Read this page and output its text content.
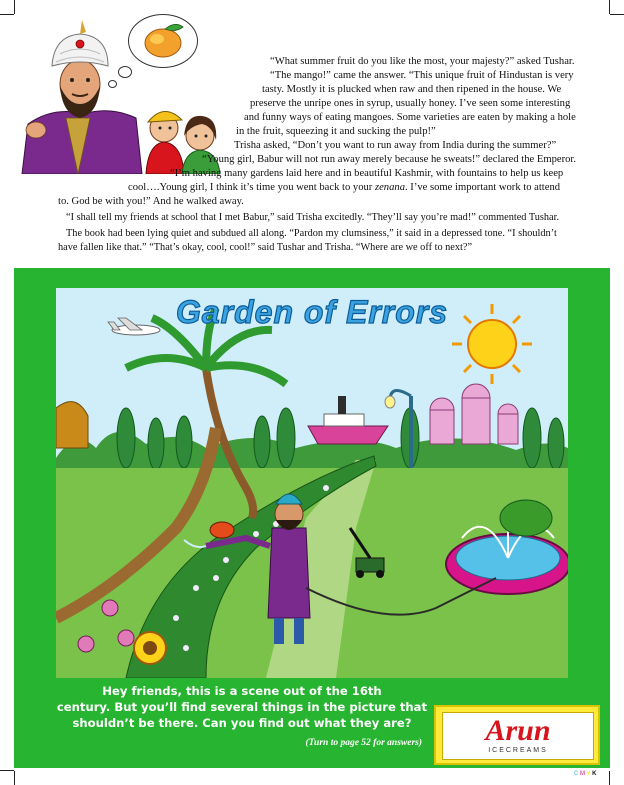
“What summer fruit do you like the most, your majesty?” asked Tushar.
“The mango!” came the answer. “This unique fruit of Hindustan is very
tasty. Mostly it is plucked when raw and then ripened in the house. We
preserve the unripe ones in syrup, usually honey. I’ve seen some interesting
and funny ways of eating mangoes. Some varieties are eaten by making a hole
in the fruit, squeezing it and sucking the pulp!”
Trisha asked, “Don’t you want to run away from India during the summer?”
“Young girl, Babur will not run away merely because he sweats!” declared the Emperor.
“I’m having many gardens laid here and in beautiful Kashmir, with fountains to help us keep
cool….Young girl, I think it’s time you went back to your zenana. I’ve some important work to attend
to. God be with you!” And he walked away.
“I shall tell my friends at school that I met Babur,” said Trisha excitedly. “They’ll say you’re mad!” commented Tushar.
The book had been lying quiet and subdued all along. “Pardon my clumsiness,” it said in a depressed tone. “I shouldn’t
have fallen like that.” “That’s okay, cool, cool!” said Tushar and Trisha. “Where are we off to next?”
Garden of Errors
Hey friends, this is a scene out of the 16th
century. But you’ll find several things in the picture that
shouldn’t be there. Can you find out what they are?
(Turn to page 52 for answers)	Arun
ICECREAMS
C M Y K
